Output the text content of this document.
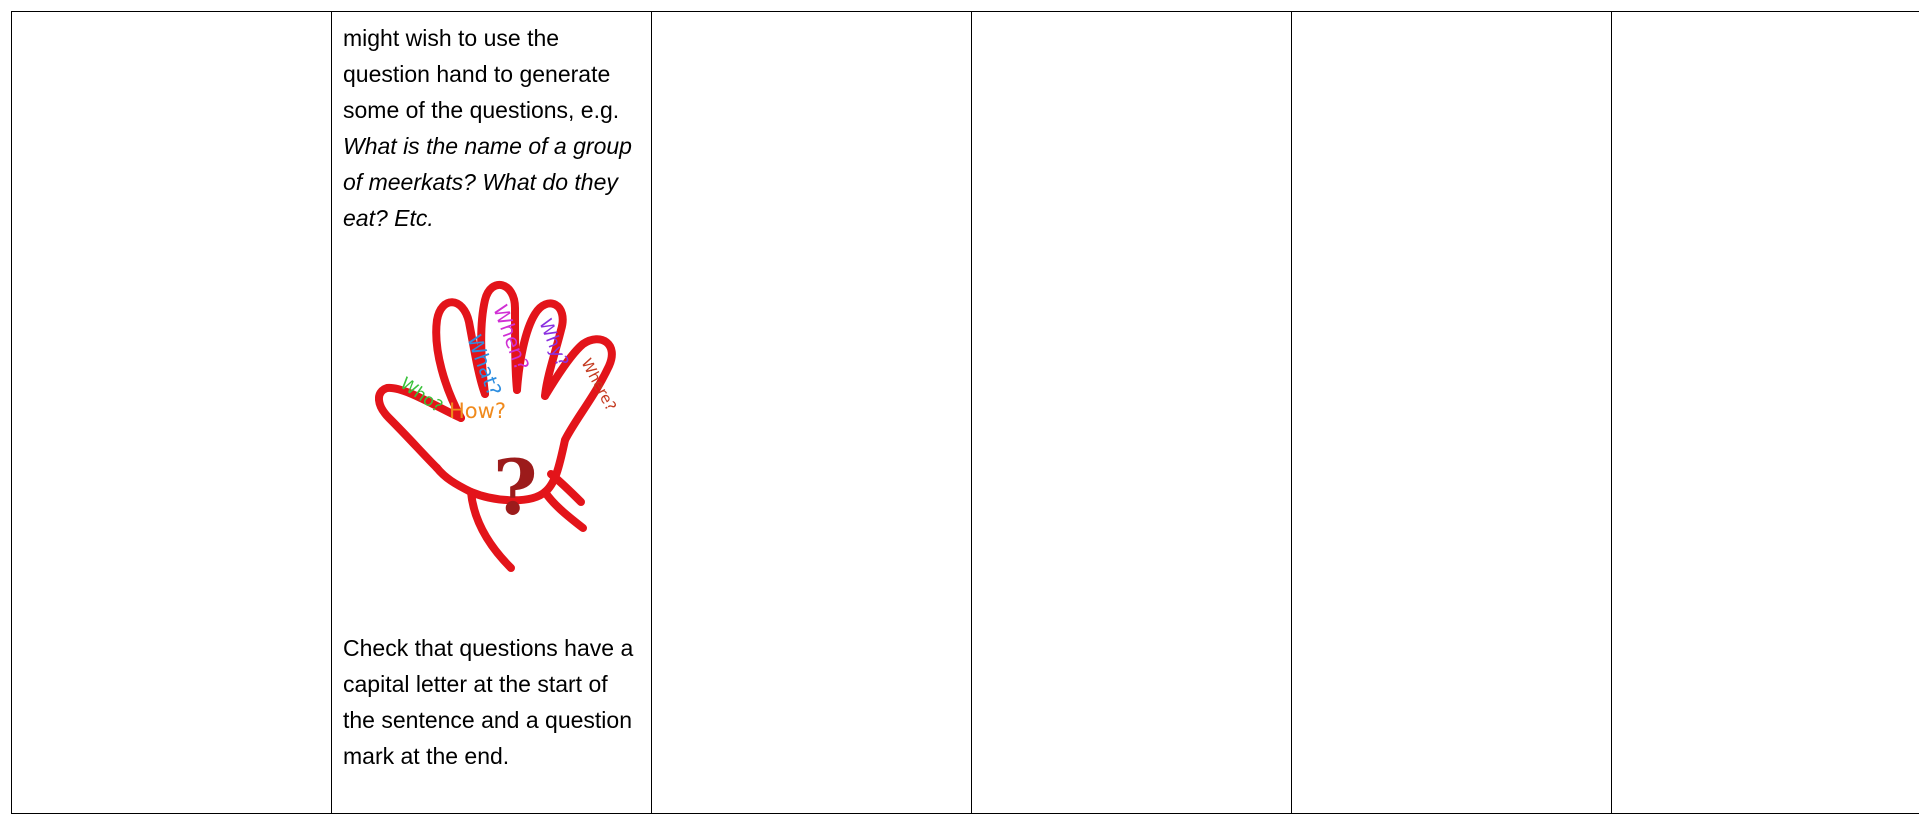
might wish to use the question hand to generate some of the questions, e.g. What is the name of a group of meerkats? What do they eat? Etc.

What?
When? Why?
Where?
Who? How?
?

Check that questions have a capital letter at the start of the sentence and a question mark at the end.
